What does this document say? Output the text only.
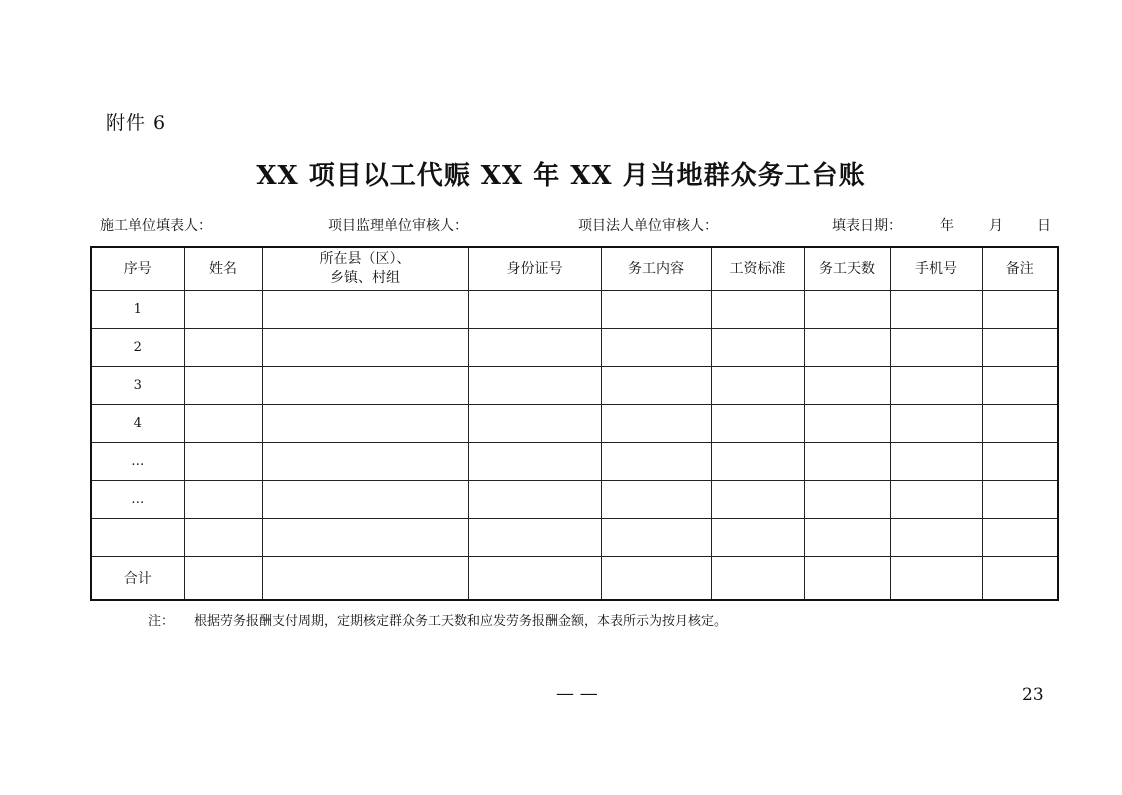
附件 6
XX 项目以工代赈 XX 年 XX 月当地群众务工台账
施工单位填表人：	项目监理单位审核人：	项目法人单位审核人：	填表日期：	年	月 日
序号	姓名	所在县（区）、
乡镇、村组	身份证号	务工内容	工资标准	务工天数	手机号	备注
1								
2								
3								
4								
…								
…								

合计								
注： 根据劳务报酬支付周期，定期核定群众务工天数和应发劳务报酬金额，本表所示为按月核定。
— —	23
